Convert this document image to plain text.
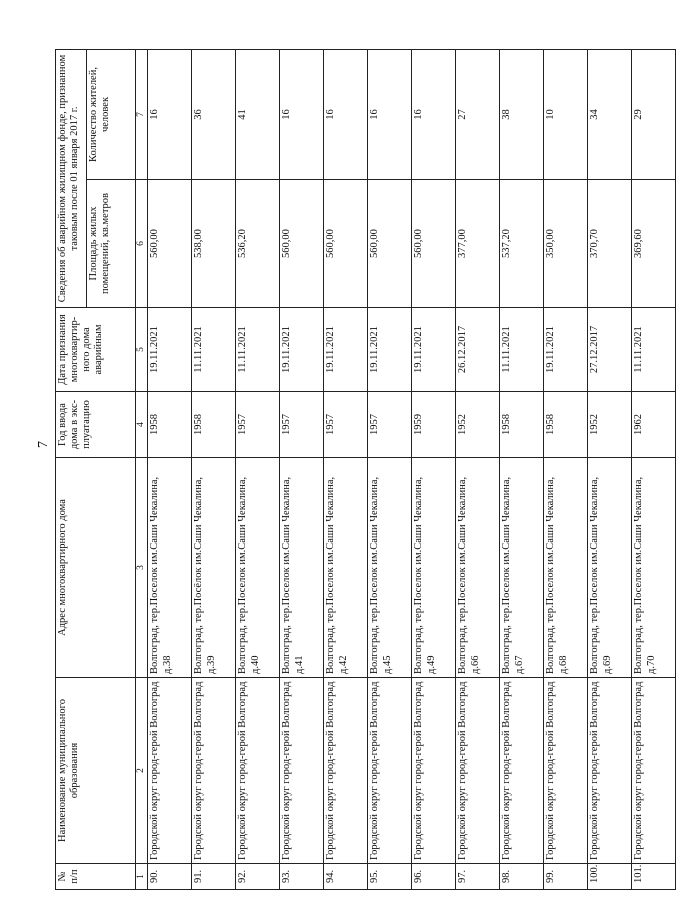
7
№ п/п	Наименование муниципального образования	Адрес многоквартирного дома	Год ввода дома в экс- плуатацию	Дата признания многоквартир- ного дома аварийным	Сведения об аварийном жилищном фонде, признанном таковым после 01 января 2017 г.	
					Площадь жилых помещений, кв.метров	Количество жителей, человек
1	2	3	4	5	6	7
90.	Городской округ город-герой Волгоград	Волгоград, тер.Поселок им.Саши Чекалина, д.38	1958	19.11.2021	560,00	16
91.	Городской округ город-герой Волгоград	Волгоград, тер.Посёлок им.Саши Чекалина, д.39	1958	11.11.2021	538,00	36
92.	Городской округ город-герой Волгоград	Волгоград, тер.Поселок им.Саши Чекалина, д.40	1957	11.11.2021	536,20	41
93.	Городской округ город-герой Волгоград	Волгоград, тер.Поселок им.Саши Чекалина, д.41	1957	19.11.2021	560,00	16
94.	Городской округ город-герой Волгоград	Волгоград, тер.Поселок им.Саши Чекалина, д.42	1957	19.11.2021	560,00	16
95.	Городской округ город-герой Волгоград	Волгоград, тер.Поселок им.Саши Чекалина, д.45	1957	19.11.2021	560,00	16
96.	Городской округ город-герой Волгоград	Волгоград, тер.Поселок им.Саши Чекалина, д.49	1959	19.11.2021	560,00	16
97.	Городской округ город-герой Волгоград	Волгоград, тер.Поселок им.Саши Чекалина, д.66	1952	26.12.2017	377,00	27
98.	Городской округ город-герой Волгоград	Волгоград, тер.Поселок им.Саши Чекалина, д.67	1958	11.11.2021	537,20	38
99.	Городской округ город-герой Волгоград	Волгоград, тер.Поселок им.Саши Чекалина, д.68	1958	19.11.2021	350,00	10
100.	Городской округ город-герой Волгоград	Волгоград, тер.Поселок им.Саши Чекалина, д.69	1952	27.12.2017	370,70	34
101.	Городской округ город-герой Волгоград	Волгоград, тер.Поселок им.Саши Чекалина, д.70	1962	11.11.2021	369,60	29
